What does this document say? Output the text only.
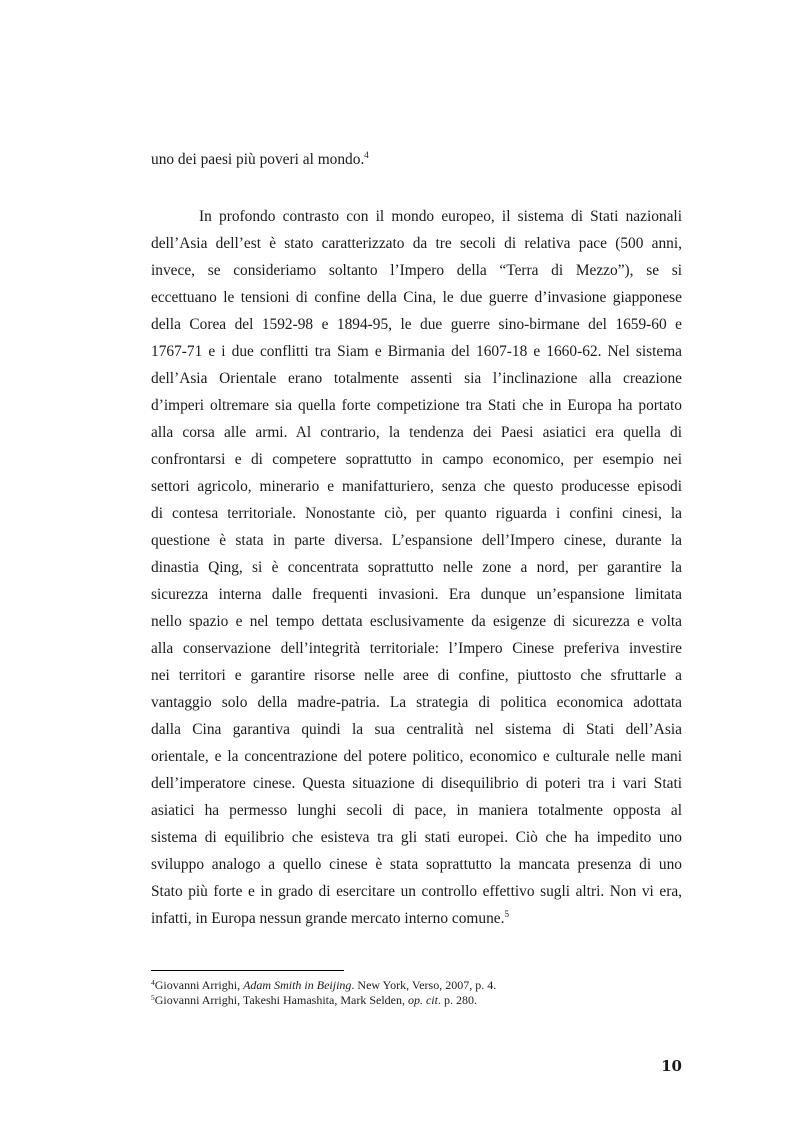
uno dei paesi più poveri al mondo.$^4$
In profondo contrasto con il mondo europeo, il sistema di Stati nazionali
dell’Asia dell’est è stato caratterizzato da tre secoli di relativa pace (500 anni,
invece, se consideriamo soltanto l’Impero della “Terra di Mezzo”), se si
eccettuano le tensioni di confine della Cina, le due guerre d’invasione giapponese
della Corea del 1592-98 e 1894-95, le due guerre sino-birmane del 1659-60 e
1767-71 e i due conflitti tra Siam e Birmania del 1607-18 e 1660-62. Nel sistema
dell’Asia Orientale erano totalmente assenti sia l’inclinazione alla creazione
d’imperi oltremare sia quella forte competizione tra Stati che in Europa ha portato
alla corsa alle armi. Al contrario, la tendenza dei Paesi asiatici era quella di
confrontarsi e di competere soprattutto in campo economico, per esempio nei
settori agricolo, minerario e manifatturiero, senza che questo producesse episodi
di contesa territoriale. Nonostante ciò, per quanto riguarda i confini cinesi, la
questione è stata in parte diversa. L’espansione dell’Impero cinese, durante la
dinastia Qing, si è concentrata soprattutto nelle zone a nord, per garantire la
sicurezza interna dalle frequenti invasioni. Era dunque un’espansione limitata
nello spazio e nel tempo dettata esclusivamente da esigenze di sicurezza e volta
alla conservazione dell’integrità territoriale: l’Impero Cinese preferiva investire
nei territori e garantire risorse nelle aree di confine, piuttosto che sfruttarle a
vantaggio solo della madre-patria. La strategia di politica economica adottata
dalla Cina garantiva quindi la sua centralità nel sistema di Stati dell’Asia
orientale, e la concentrazione del potere politico, economico e culturale nelle mani
dell’imperatore cinese. Questa situazione di disequilibrio di poteri tra i vari Stati
asiatici ha permesso lunghi secoli di pace, in maniera totalmente opposta al
sistema di equilibrio che esisteva tra gli stati europei. Ciò che ha impedito uno
sviluppo analogo a quello cinese è stata soprattutto la mancata presenza di uno
Stato più forte e in grado di esercitare un controllo effettivo sugli altri. Non vi era,
infatti, in Europa nessun grande mercato interno comune.$^5$
$^4$Giovanni Arrighi, Adam Smith in Beijing. New York, Verso, 2007, p. 4.
$^5$Giovanni Arrighi, Takeshi Hamashita, Mark Selden, op. cit. p. 280.
10
